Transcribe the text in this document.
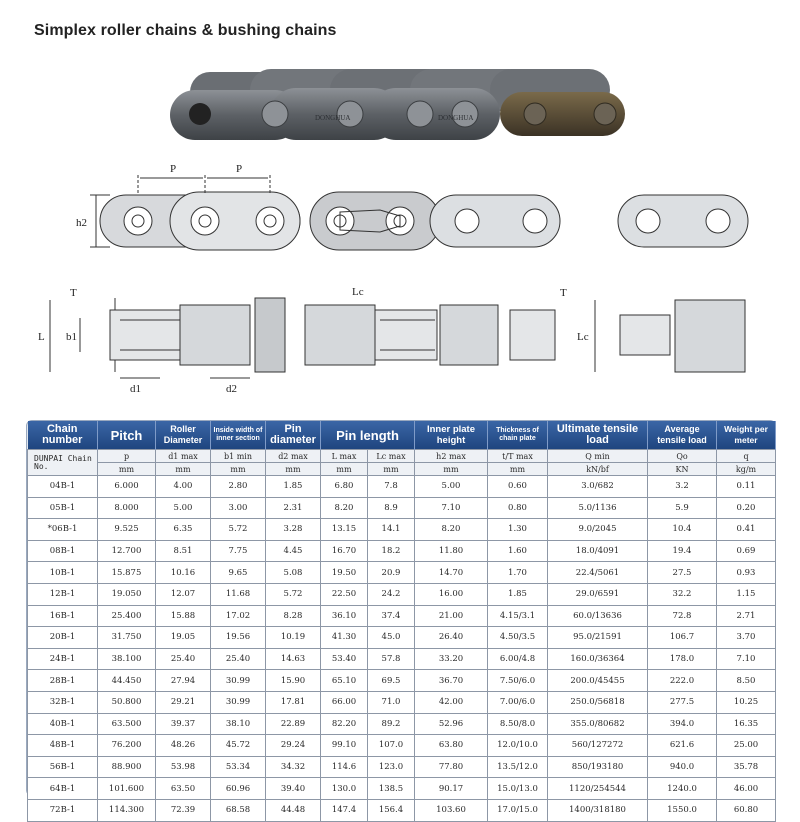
Simplex roller chains & bushing chains
DONGHUA	DONGHUA
P	P
h2
T
L b1
Lc
d1	d2
T
Lc
Chain number	Pitch	Roller Diameter	Inside width of inner section	Pin diameter	Pin length		Inner plate height	Thickness of chain plate	Ultimate tensile load	Average tensile load	Weight per meter
DUNPAI Chain No.	p	d1 max	b1 min	d2 max	L max	Lc max	h2 max	t/T max	Q min	Qo	q
	mm	mm	mm	mm	mm	mm	mm	mm	kN/bf	KN	kg/m
04B-1	6.000	4.00	2.80	1.85	6.80	7.8	5.00	0.60	3.0/682	3.2	0.11
05B-1	8.000	5.00	3.00	2.31	8.20	8.9	7.10	0.80	5.0/1136	5.9	0.20
*06B-1	9.525	6.35	5.72	3.28	13.15	14.1	8.20	1.30	9.0/2045	10.4	0.41
08B-1	12.700	8.51	7.75	4.45	16.70	18.2	11.80	1.60	18.0/4091	19.4	0.69
10B-1	15.875	10.16	9.65	5.08	19.50	20.9	14.70	1.70	22.4/5061	27.5	0.93
12B-1	19.050	12.07	11.68	5.72	22.50	24.2	16.00	1.85	29.0/6591	32.2	1.15
16B-1	25.400	15.88	17.02	8.28	36.10	37.4	21.00	4.15/3.1	60.0/13636	72.8	2.71
20B-1	31.750	19.05	19.56	10.19	41.30	45.0	26.40	4.50/3.5	95.0/21591	106.7	3.70
24B-1	38.100	25.40	25.40	14.63	53.40	57.8	33.20	6.00/4.8	160.0/36364	178.0	7.10
28B-1	44.450	27.94	30.99	15.90	65.10	69.5	36.70	7.50/6.0	200.0/45455	222.0	8.50
32B-1	50.800	29.21	30.99	17.81	66.00	71.0	42.00	7.00/6.0	250.0/56818	277.5	10.25
40B-1	63.500	39.37	38.10	22.89	82.20	89.2	52.96	8.50/8.0	355.0/80682	394.0	16.35
48B-1	76.200	48.26	45.72	29.24	99.10	107.0	63.80	12.0/10.0	560/127272	621.6	25.00
56B-1	88.900	53.98	53.34	34.32	114.6	123.0	77.80	13.5/12.0	850/193180	940.0	35.78
64B-1	101.600	63.50	60.96	39.40	130.0	138.5	90.17	15.0/13.0	1120/254544	1240.0	46.00
72B-1	114.300	72.39	68.58	44.48	147.4	156.4	103.60	17.0/15.0	1400/318180	1550.0	60.80
